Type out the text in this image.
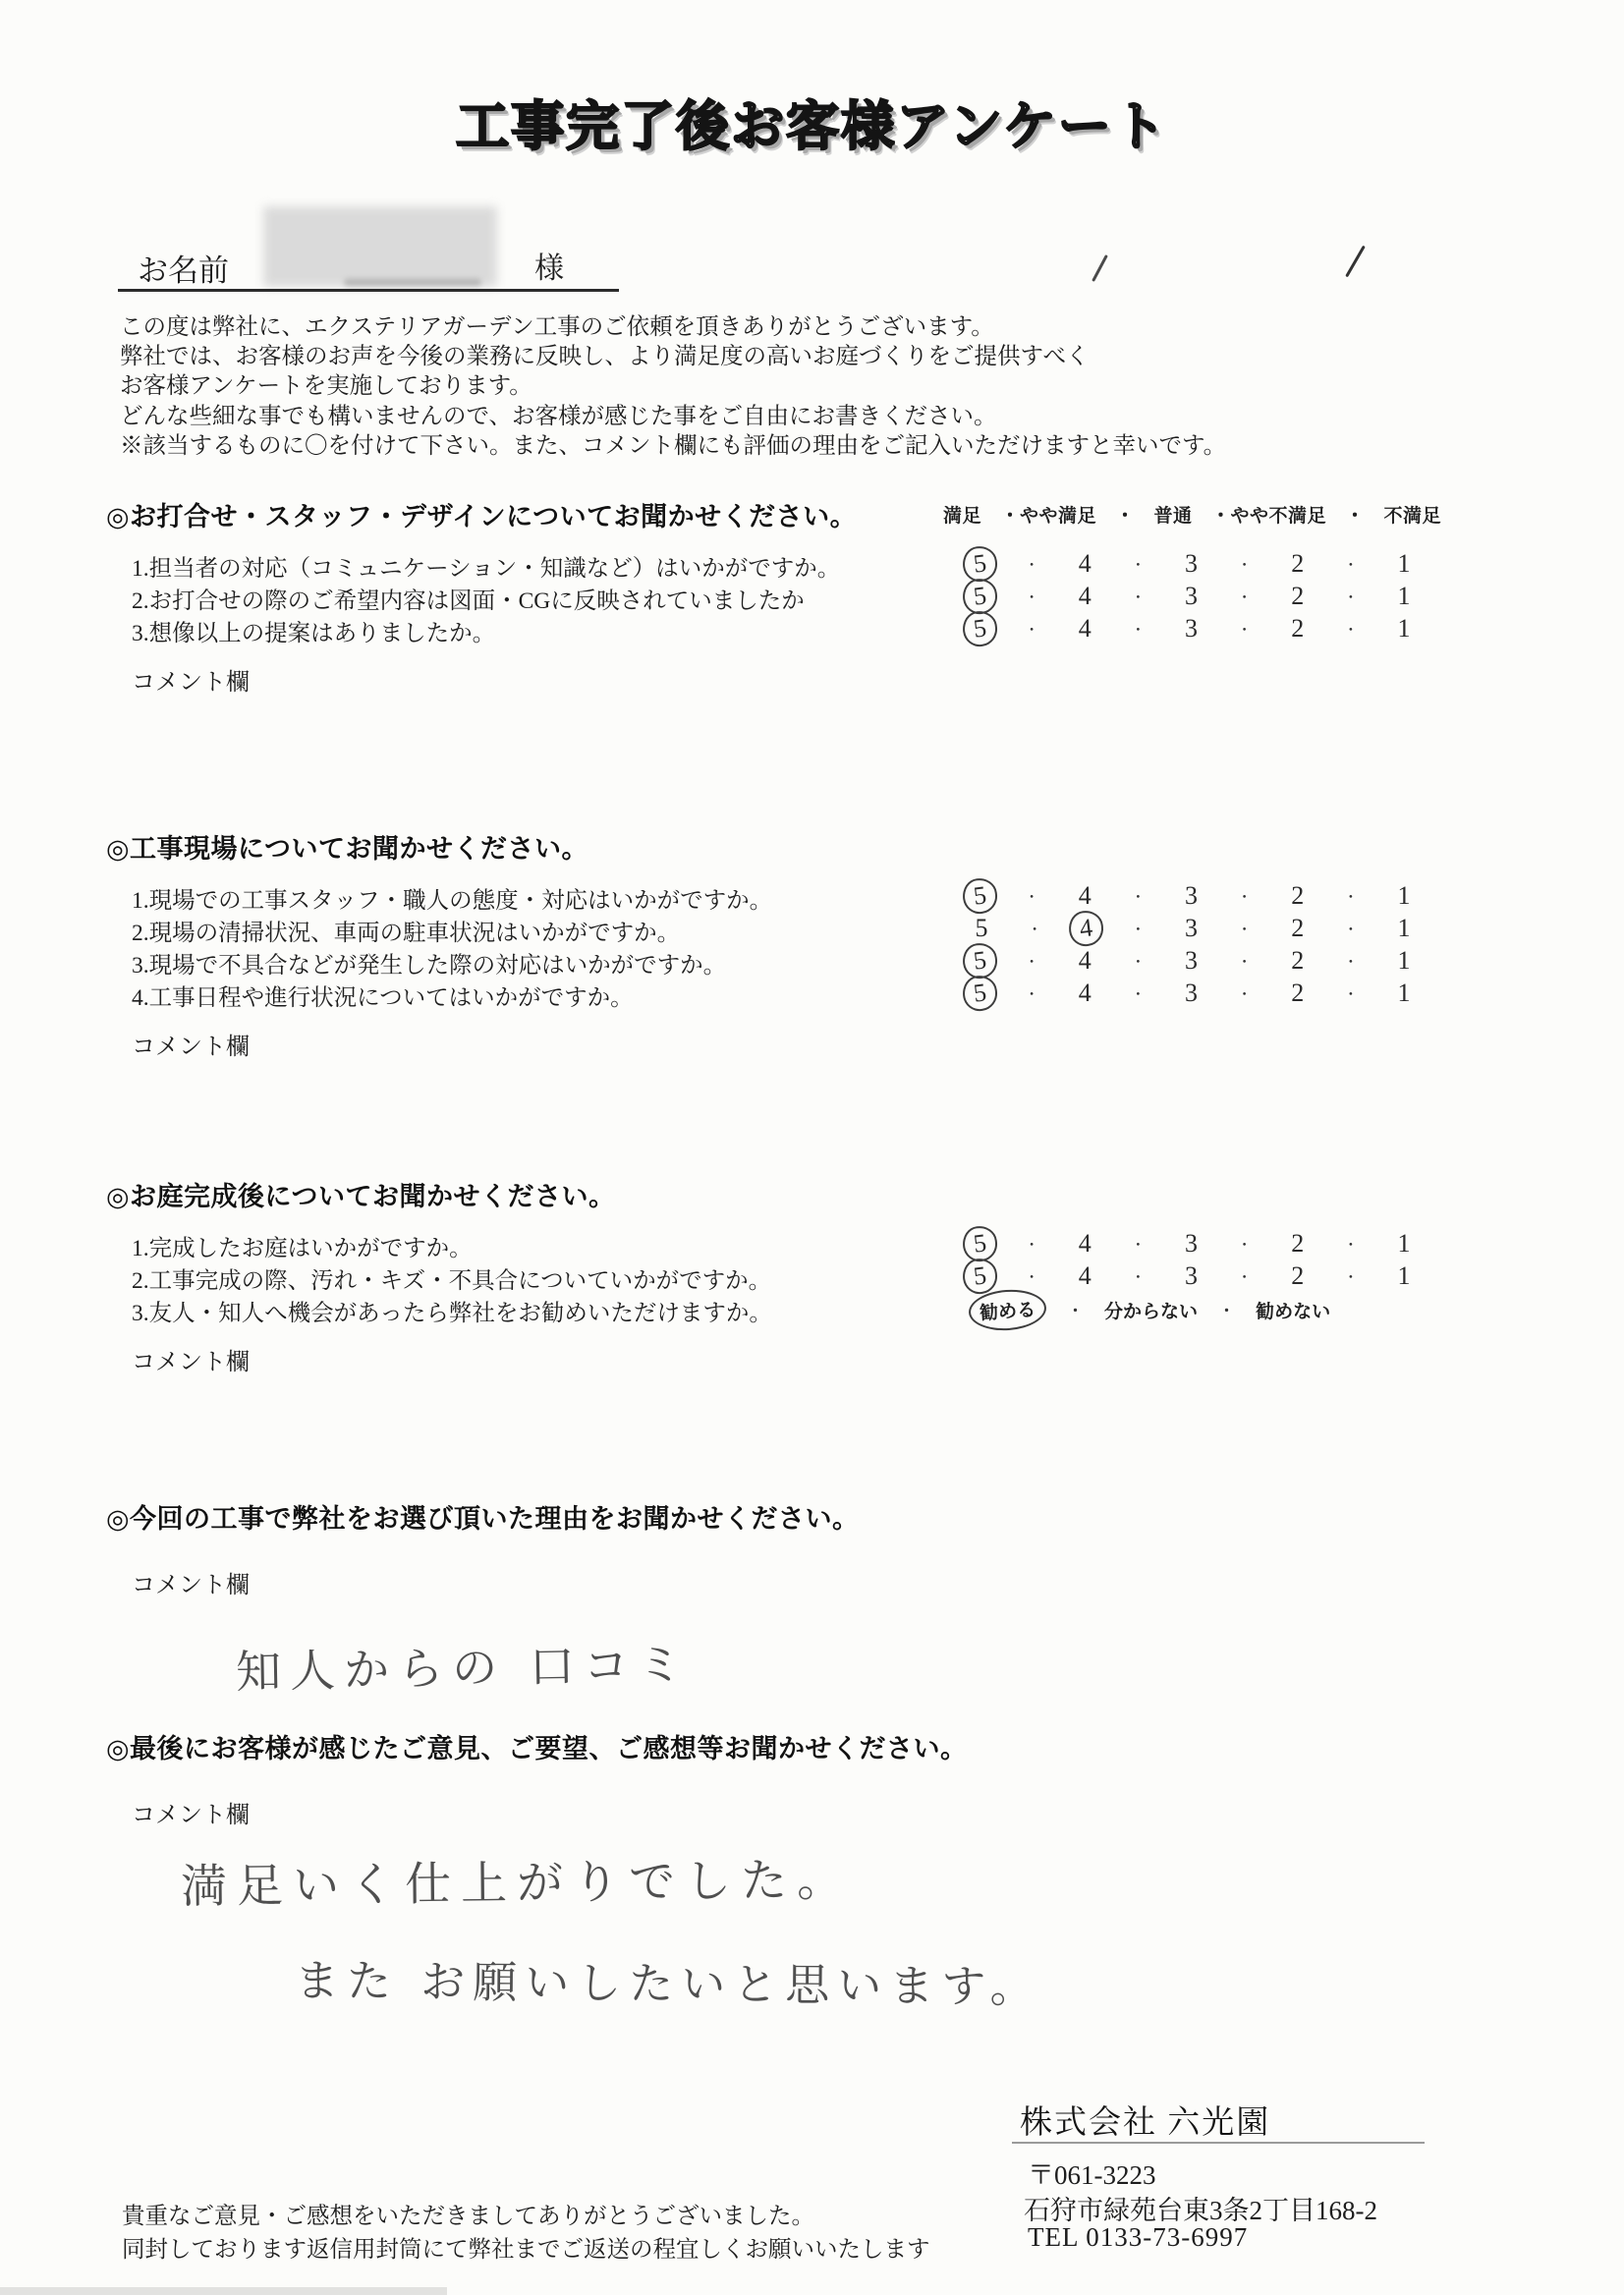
工事完了後お客様アンケート
お名前	様
この度は弊社に、エクステリアガーデン工事のご依頼を頂きありがとうございます。
弊社では、お客様のお声を今後の業務に反映し、より満足度の高いお庭づくりをご提供すべく
お客様アンケートを実施しております。
どんな些細な事でも構いませんので、お客様が感じた事をご自由にお書きください。
※該当するものに〇を付けて下さい。また、コメント欄にも評価の理由をご記入いただけますと幸いです。
満足　・やや満足　・　普通　・やや不満足　・　不満足
◎お打合せ・スタッフ・デザインについてお聞かせください。
1.担当者の対応（コミュニケーション・知識など）はいかがですか。	5	・	4	・	3	・	2	・	1
2.お打合せの際のご希望内容は図面・CGに反映されていましたか	5	・	4	・	3	・	2	・	1
3.想像以上の提案はありましたか。	5	・	4	・	3	・	2	・	1
コメント欄
◎工事現場についてお聞かせください。
1.現場での工事スタッフ・職人の態度・対応はいかがですか。	5	・	4	・	3	・	2	・	1
2.現場の清掃状況、車両の駐車状況はいかがですか。	5	・	4	・	3	・	2	・	1
3.現場で不具合などが発生した際の対応はいかがですか。	5	・	4	・	3	・	2	・	1
4.工事日程や進行状況についてはいかがですか。	5	・	4	・	3	・	2	・	1
コメント欄
◎お庭完成後についてお聞かせください。
1.完成したお庭はいかがですか。	5	・	4	・	3	・	2	・	1
2.工事完成の際、汚れ・キズ・不具合についていかがですか。	5	・	4	・	3	・	2	・	1
3.友人・知人へ機会があったら弊社をお勧めいただけますか。	勧める	・ 分からない ・ 勧めない
コメント欄
◎今回の工事で弊社をお選び頂いた理由をお聞かせください。
コメント欄
知人からの 口コミ
◎最後にお客様が感じたご意見、ご要望、ご感想等お聞かせください。
コメント欄
満足いく仕上がりでした。
また お願いしたいと思います。
株式会社 六光園
〒061-3223
石狩市緑苑台東3条2丁目168-2
TEL 0133-73-6997
貴重なご意見・ご感想をいただきましてありがとうございました。
同封しております返信用封筒にて弊社までご返送の程宜しくお願いいたします
